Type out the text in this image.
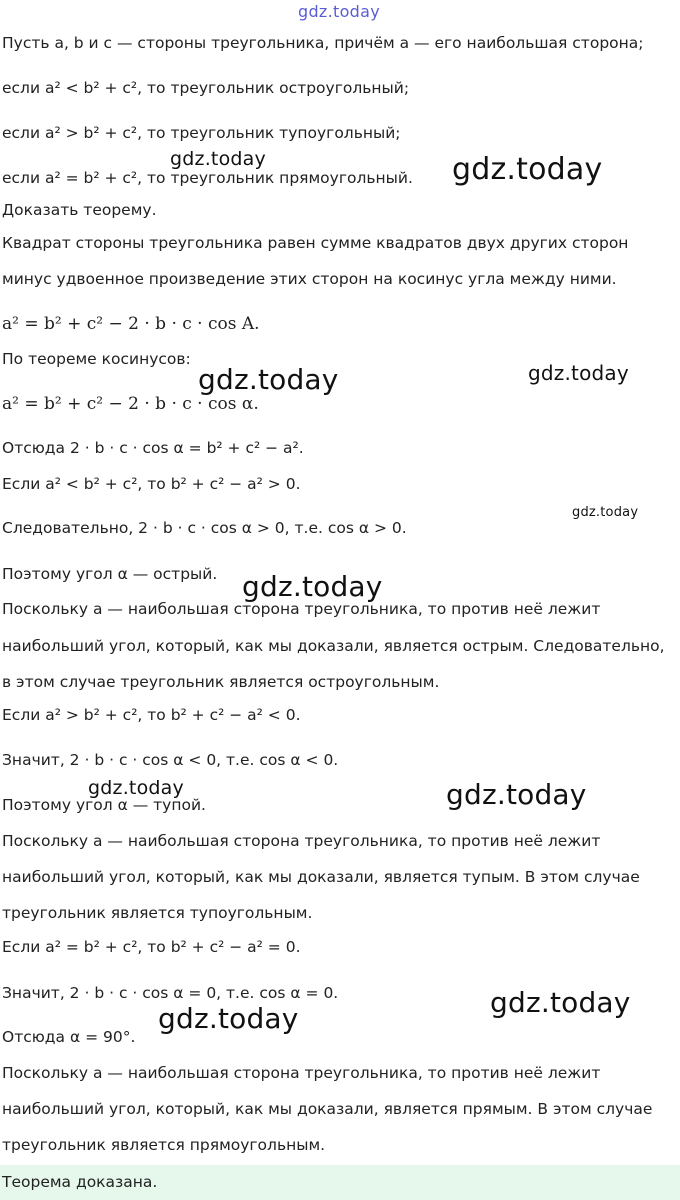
gdz.today
Пусть a, b и c — стороны треугольника, причём a — его наибольшая сторона;
если a² < b² + c², то треугольник остроугольный;
если a² > b² + c², то треугольник тупоугольный;
если a² = b² + c², то треугольник прямоугольный.
Доказать теорему.
Квадрат стороны треугольника равен сумме квадратов двух других сторон
минус удвоенное произведение этих сторон на косинус угла между ними.
a² = b² + c² − 2 · b · c · cos A.
По теореме косинусов:
a² = b² + c² − 2 · b · c · cos α.
Отсюда 2 · b · c · cos α = b² + c² − a².
Если a² < b² + c², то b² + c² − a² > 0.
Следовательно, 2 · b · c · cos α > 0, т.е. cos α > 0.
Поэтому угол α — острый.
Поскольку a — наибольшая сторона треугольника, то против неё лежит
наибольший угол, который, как мы доказали, является острым. Следовательно,
в этом случае треугольник является остроугольным.
Если a² > b² + c², то b² + c² − a² < 0.
Значит, 2 · b · c · cos α < 0, т.е. cos α < 0.
Поэтому угол α — тупой.
Поскольку a — наибольшая сторона треугольника, то против неё лежит
наибольший угол, который, как мы доказали, является тупым. В этом случае
треугольник является тупоугольным.
Если a² = b² + c², то b² + c² − a² = 0.
Значит, 2 · b · c · cos α = 0, т.е. cos α = 0.
Отсюда α = 90°.
Поскольку a — наибольшая сторона треугольника, то против неё лежит
наибольший угол, который, как мы доказали, является прямым. В этом случае
треугольник является прямоугольным.
Теорема доказана.
gdz.today	gdz.today
gdz.today	gdz.today
gdz.today
gdz.today
gdz.today	gdz.today
gdz.today
gdz.today
